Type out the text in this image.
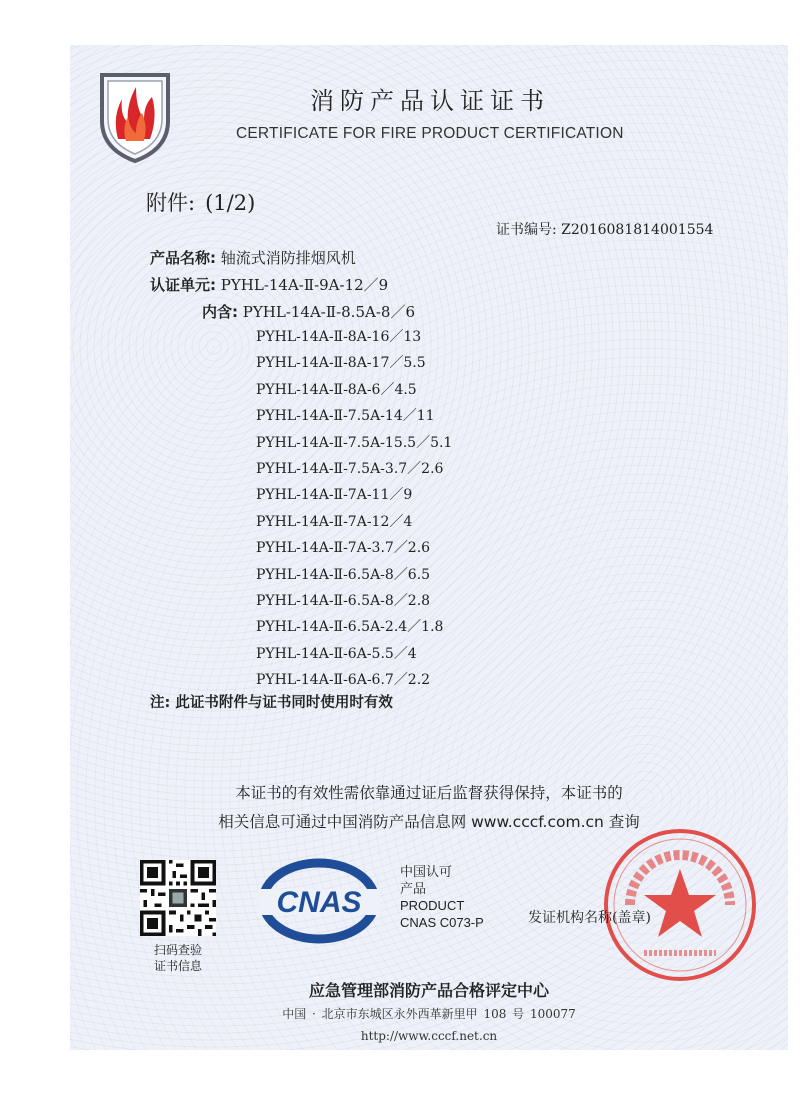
消防产品认证证书
CERTIFICATE FOR FIRE PRODUCT CERTIFICATION
附件: (1/2)
证书编号: Z2016081814001554
产品名称: 轴流式消防排烟风机
认证单元: PYHL-14A-Ⅱ-9A-12／9
内含: PYHL-14A-Ⅱ-8.5A-8／6
PYHL-14A-Ⅱ-8A-16／13
PYHL-14A-Ⅱ-8A-17／5.5
PYHL-14A-Ⅱ-8A-6／4.5
PYHL-14A-Ⅱ-7.5A-14／11
PYHL-14A-Ⅱ-7.5A-15.5／5.1
PYHL-14A-Ⅱ-7.5A-3.7／2.6
PYHL-14A-Ⅱ-7A-11／9
PYHL-14A-Ⅱ-7A-12／4
PYHL-14A-Ⅱ-7A-3.7／2.6
PYHL-14A-Ⅱ-6.5A-8／6.5
PYHL-14A-Ⅱ-6.5A-8／2.8
PYHL-14A-Ⅱ-6.5A-2.4／1.8
PYHL-14A-Ⅱ-6A-5.5／4
PYHL-14A-Ⅱ-6A-6.7／2.2
注: 此证书附件与证书同时使用时有效
本证书的有效性需依靠通过证后监督获得保持，本证书的
相关信息可通过中国消防产品信息网 www.cccf.com.cn 查询
扫码查验
证书信息
CNAS
中国认可
产品
PRODUCT
CNAS C073-P	发证机构名称(盖章)
应急管理部消防产品合格评定中心
中国 · 北京市东城区永外西革新里甲 108 号 100077
http://www.cccf.net.cn
